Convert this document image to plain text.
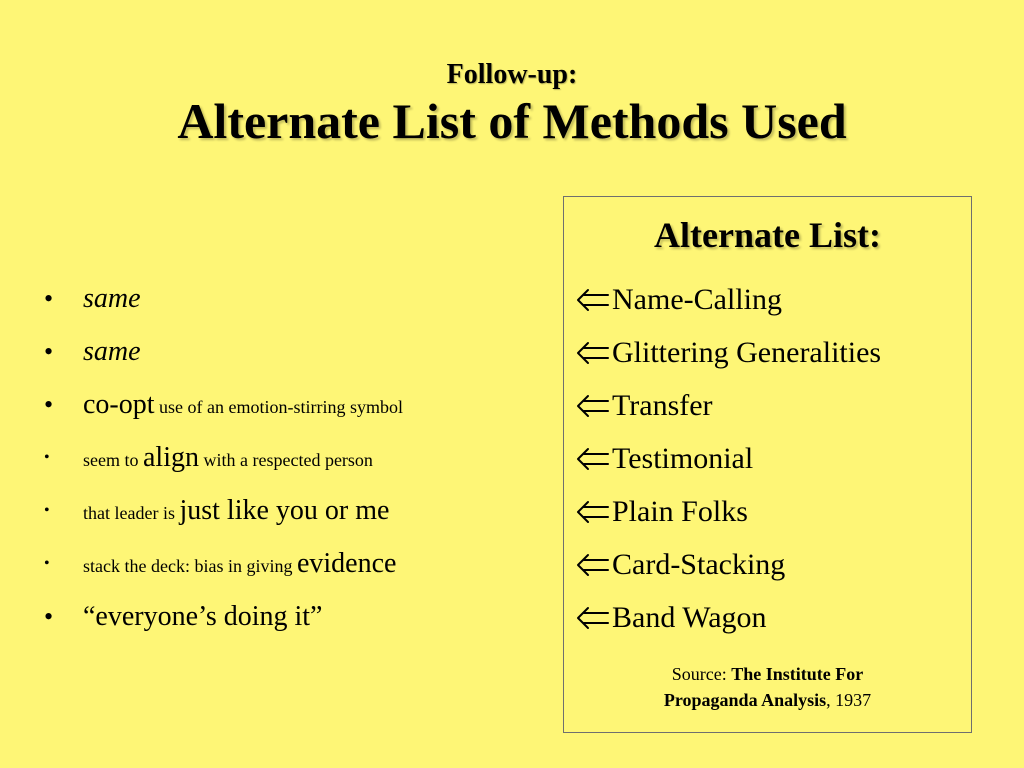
Follow-up:
Alternate List of Methods Used
• same
• same
• co-opt use of an emotion-stirring symbol
• seem to align with a respected person
• that leader is just like you or me
• stack the deck: bias in giving evidence
• “everyone’s doing it”
Alternate List:
Name-Calling
Glittering Generalities
Transfer
Testimonial
Plain Folks
Card-Stacking
Band Wagon
Source: The Institute For
Propaganda Analysis, 1937
